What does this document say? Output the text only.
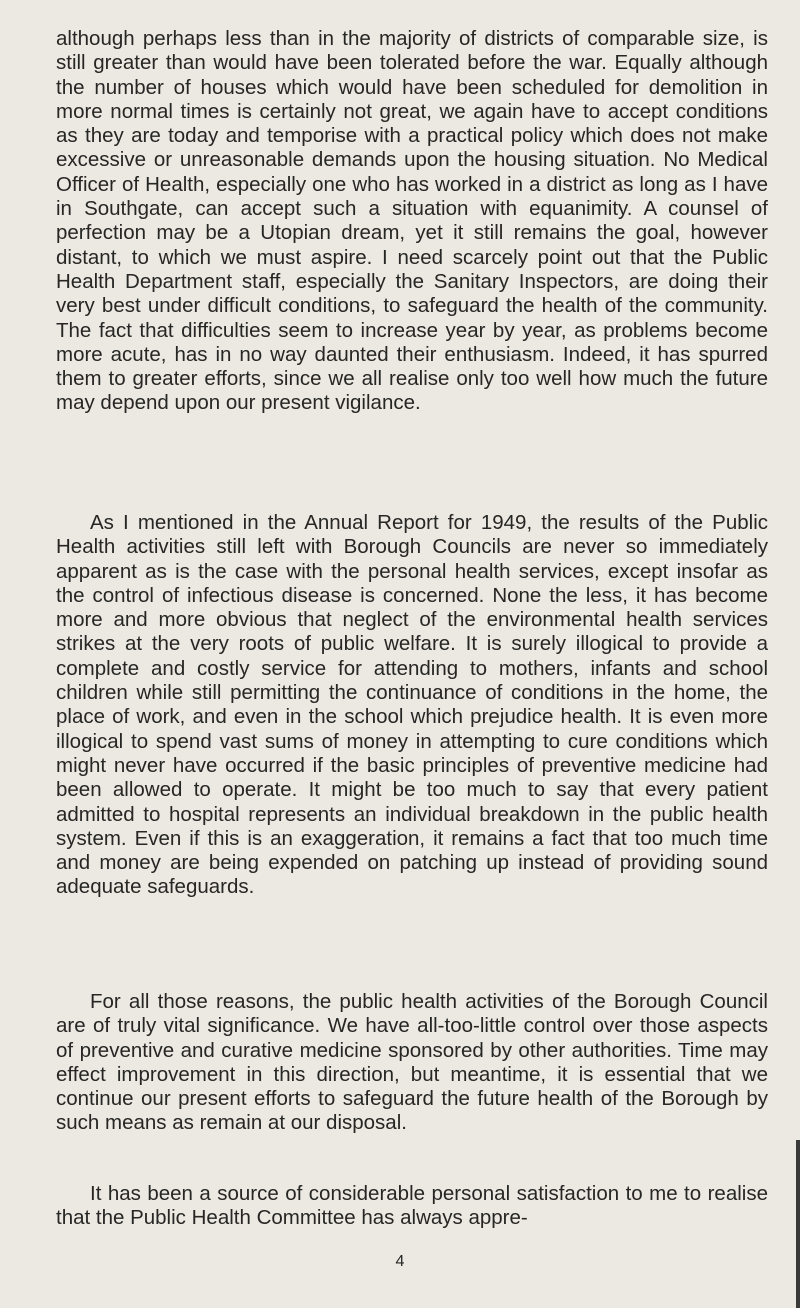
although perhaps less than in the majority of districts of comparable size, is still greater than would have been tolerated before the war. Equally although the number of houses which would have been scheduled for demolition in more normal times is certainly not great, we again have to accept conditions as they are today and temporise with a practical policy which does not make excessive or unreasonable demands upon the housing situation. No Medical Officer of Health, especially one who has worked in a district as long as I have in Southgate, can accept such a situation with equanimity. A counsel of perfection may be a Utopian dream, yet it still remains the goal, however distant, to which we must aspire. I need scarcely point out that the Public Health Department staff, especially the Sanitary Inspectors, are doing their very best under difficult conditions, to safeguard the health of the community. The fact that difficulties seem to increase year by year, as problems become more acute, has in no way daunted their enthusiasm. Indeed, it has spurred them to greater efforts, since we all realise only too well how much the future may depend upon our present vigilance.

As I mentioned in the Annual Report for 1949, the results of the Public Health activities still left with Borough Councils are never so immediately apparent as is the case with the personal health services, except insofar as the control of infectious disease is concerned. None the less, it has become more and more obvious that neglect of the environmental health services strikes at the very roots of public welfare. It is surely illogical to provide a complete and costly service for attending to mothers, infants and school children while still permitting the continuance of conditions in the home, the place of work, and even in the school which prejudice health. It is even more illogical to spend vast sums of money in attempting to cure conditions which might never have occurred if the basic principles of preventive medicine had been allowed to operate. It might be too much to say that every patient admitted to hospital represents an individual breakdown in the public health system. Even if this is an exaggeration, it remains a fact that too much time and money are being expended on patching up instead of providing sound adequate safeguards.

For all those reasons, the public health activities of the Borough Council are of truly vital significance. We have all-too-little control over those aspects of preventive and curative medicine sponsored by other authorities. Time may effect improvement in this direction, but meantime, it is essential that we continue our present efforts to safeguard the future health of the Borough by such means as remain at our disposal.

It has been a source of considerable personal satisfaction to me to realise that the Public Health Committee has always appre-

4
